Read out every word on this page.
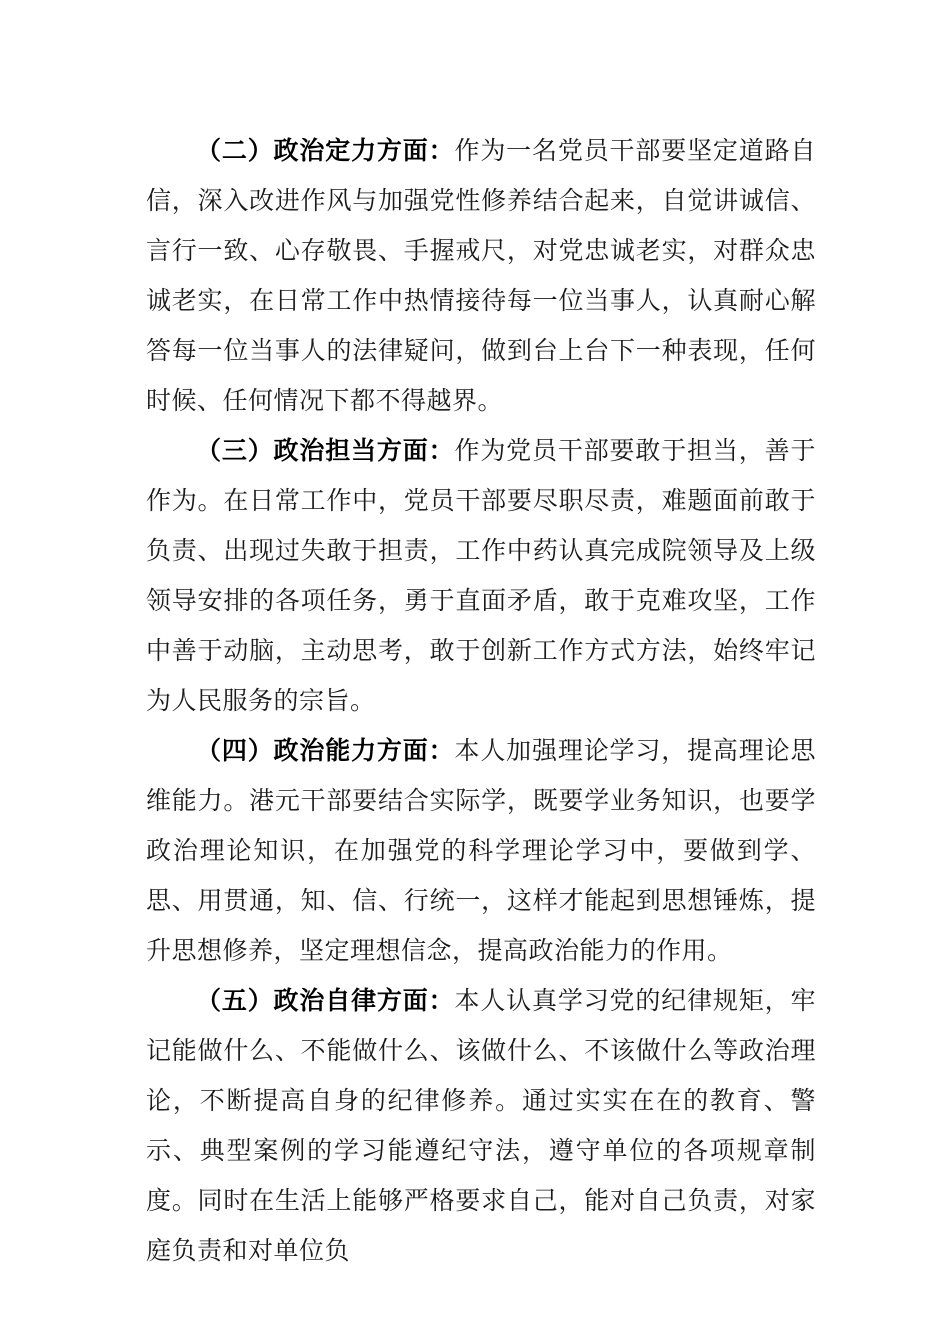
（二）政治定力方面：作为一名党员干部要坚定道路自信，深入改进作风与加强党性修养结合起来，自觉讲诚信、言行一致、心存敬畏、手握戒尺，对党忠诚老实，对群众忠诚老实，在日常工作中热情接待每一位当事人，认真耐心解答每一位当事人的法律疑问，做到台上台下一种表现，任何时候、任何情况下都不得越界。

（三）政治担当方面：作为党员干部要敢于担当，善于作为。在日常工作中，党员干部要尽职尽责，难题面前敢于负责、出现过失敢于担责，工作中药认真完成院领导及上级领导安排的各项任务，勇于直面矛盾，敢于克难攻坚，工作中善于动脑，主动思考，敢于创新工作方式方法，始终牢记为人民服务的宗旨。

（四）政治能力方面：本人加强理论学习，提高理论思维能力。港元干部要结合实际学，既要学业务知识，也要学政治理论知识，在加强党的科学理论学习中，要做到学、思、用贯通，知、信、行统一，这样才能起到思想锤炼，提升思想修养，坚定理想信念，提高政治能力的作用。

（五）政治自律方面：本人认真学习党的纪律规矩，牢记能做什么、不能做什么、该做什么、不该做什么等政治理论，不断提高自身的纪律修养。通过实实在在的教育、警示、典型案例的学习能遵纪守法，遵守单位的各项规章制度。同时在生活上能够严格要求自己，能对自己负责，对家庭负责和对单位负
